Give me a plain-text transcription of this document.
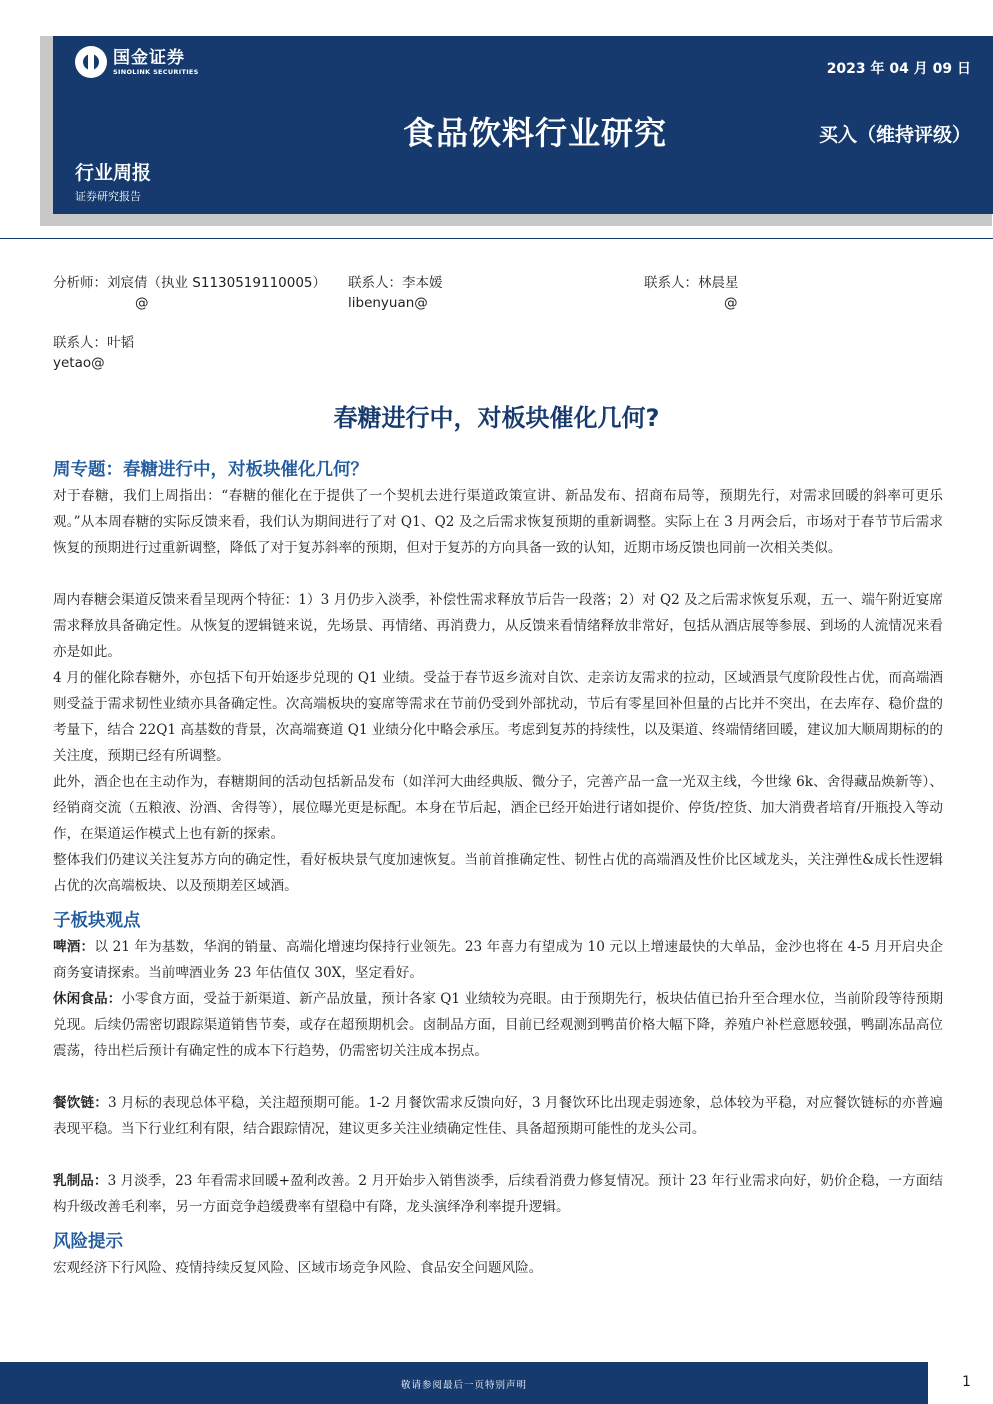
国金证券
SINOLINK SECURITIES	2023 年 04 月 09 日
食品饮料行业研究	买入（维持评级）
行业周报
证券研究报告
分析师：刘宸倩（执业 S1130519110005）
@
联系人：李本媛
libenyuan@
联系人：林晨星
@
联系人：叶韬
yetao@
春糖进行中，对板块催化几何?
周专题：春糖进行中，对板块催化几何？
对于春糖，我们上周指出：“春糖的催化在于提供了一个契机去进行渠道政策宣讲、新品发布、招商布局等，预期先行，对需求回暖的斜率可更乐观。”从本周春糖的实际反馈来看，我们认为期间进行了对 Q1、Q2 及之后需求恢复预期的重新调整。实际上在 3 月两会后，市场对于春节节后需求恢复的预期进行过重新调整，降低了对于复苏斜率的预期，但对于复苏的方向具备一致的认知，近期市场反馈也同前一次相关类似。
周内春糖会渠道反馈来看呈现两个特征：1）3 月仍步入淡季，补偿性需求释放节后告一段落；2）对 Q2 及之后需求恢复乐观，五一、端午附近宴席需求释放具备确定性。从恢复的逻辑链来说，先场景、再情绪、再消费力，从反馈来看情绪释放非常好，包括从酒店展等参展、到场的人流情况来看亦是如此。
4 月的催化除春糖外，亦包括下旬开始逐步兑现的 Q1 业绩。受益于春节返乡流对自饮、走亲访友需求的拉动，区域酒景气度阶段性占优，而高端酒则受益于需求韧性业绩亦具备确定性。次高端板块的宴席等需求在节前仍受到外部扰动，节后有零星回补但量的占比并不突出，在去库存、稳价盘的考量下，结合 22Q1 高基数的背景，次高端赛道 Q1 业绩分化中略会承压。考虑到复苏的持续性，以及渠道、终端情绪回暖，建议加大顺周期标的的关注度，预期已经有所调整。
此外，酒企也在主动作为，春糖期间的活动包括新品发布（如洋河大曲经典版、微分子，完善产品一盒一光双主线，今世缘 6k、舍得藏品焕新等）、经销商交流（五粮液、汾酒、舍得等），展位曝光更是标配。本身在节后起，酒企已经开始进行诸如提价、停货/控货、加大消费者培育/开瓶投入等动作，在渠道运作模式上也有新的探索。
整体我们仍建议关注复苏方向的确定性，看好板块景气度加速恢复。当前首推确定性、韧性占优的高端酒及性价比区域龙头，关注弹性&成长性逻辑占优的次高端板块、以及预期差区域酒。
子板块观点
啤酒：以 21 年为基数，华润的销量、高端化增速均保持行业领先。23 年喜力有望成为 10 元以上增速最快的大单品，金沙也将在 4-5 月开启央企商务宴请探索。当前啤酒业务 23 年估值仅 30X，坚定看好。
休闲食品：小零食方面，受益于新渠道、新产品放量，预计各家 Q1 业绩较为亮眼。由于预期先行，板块估值已抬升至合理水位，当前阶段等待预期兑现。后续仍需密切跟踪渠道销售节奏，或存在超预期机会。卤制品方面，目前已经观测到鸭苗价格大幅下降，养殖户补栏意愿较强，鸭副冻品高位震荡，待出栏后预计有确定性的成本下行趋势，仍需密切关注成本拐点。
餐饮链：3 月标的表现总体平稳，关注超预期可能。1-2 月餐饮需求反馈向好，3 月餐饮环比出现走弱迹象，总体较为平稳，对应餐饮链标的亦普遍表现平稳。当下行业红利有限，结合跟踪情况，建议更多关注业绩确定性佳、具备超预期可能性的龙头公司。
乳制品：3 月淡季，23 年看需求回暖+盈利改善。2 月开始步入销售淡季，后续看消费力修复情况。预计 23 年行业需求向好，奶价企稳，一方面结构升级改善毛利率，另一方面竞争趋缓费率有望稳中有降，龙头演绎净利率提升逻辑。
风险提示
宏观经济下行风险、疫情持续反复风险、区域市场竞争风险、食品安全问题风险。
敬请参阅最后一页特别声明	1
